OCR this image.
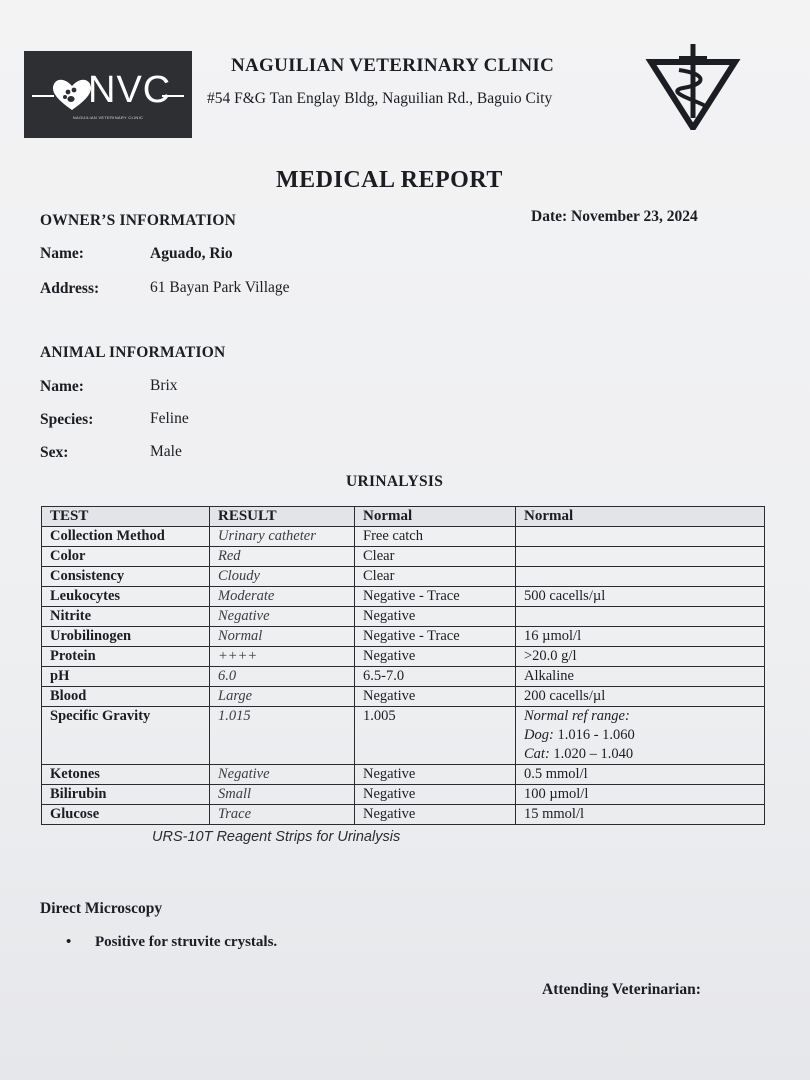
NVC
NAGUILIAN VETERINARY CLINIC
NAGUILIAN VETERINARY CLINIC
#54 F&G Tan Englay Bldg, Naguilian Rd., Baguio City
MEDICAL REPORT
OWNER’S INFORMATION	Date: November 23, 2024
Name:	Aguado, Rio
Address:	61 Bayan Park Village
ANIMAL INFORMATION
Name:	Brix
Species:	Feline
Sex:	Male
URINALYSIS
TEST	RESULT	Normal	Normal
Collection Method	Urinary catheter	Free catch	
Color	Red	Clear	
Consistency	Cloudy	Clear	
Leukocytes	Moderate	Negative - Trace	500 cacells/µl
Nitrite	Negative	Negative	
Urobilinogen	Normal	Negative - Trace	16 µmol/l
Protein	++++	Negative	>20.0 g/l
pH	6.0	6.5-7.0	Alkaline
Blood	Large	Negative	200 cacells/µl
Specific Gravity	1.015	1.005	Normal ref range:
Dog: 1.016 - 1.060
Cat: 1.020 – 1.040

Ketones	Negative	Negative	0.5 mmol/l
Bilirubin	Small	Negative	100 µmol/l
Glucose	Trace	Negative	15 mmol/l
URS-10T Reagent Strips for Urinalysis
Direct Microscopy
• Positive for struvite crystals.
Attending Veterinarian:
